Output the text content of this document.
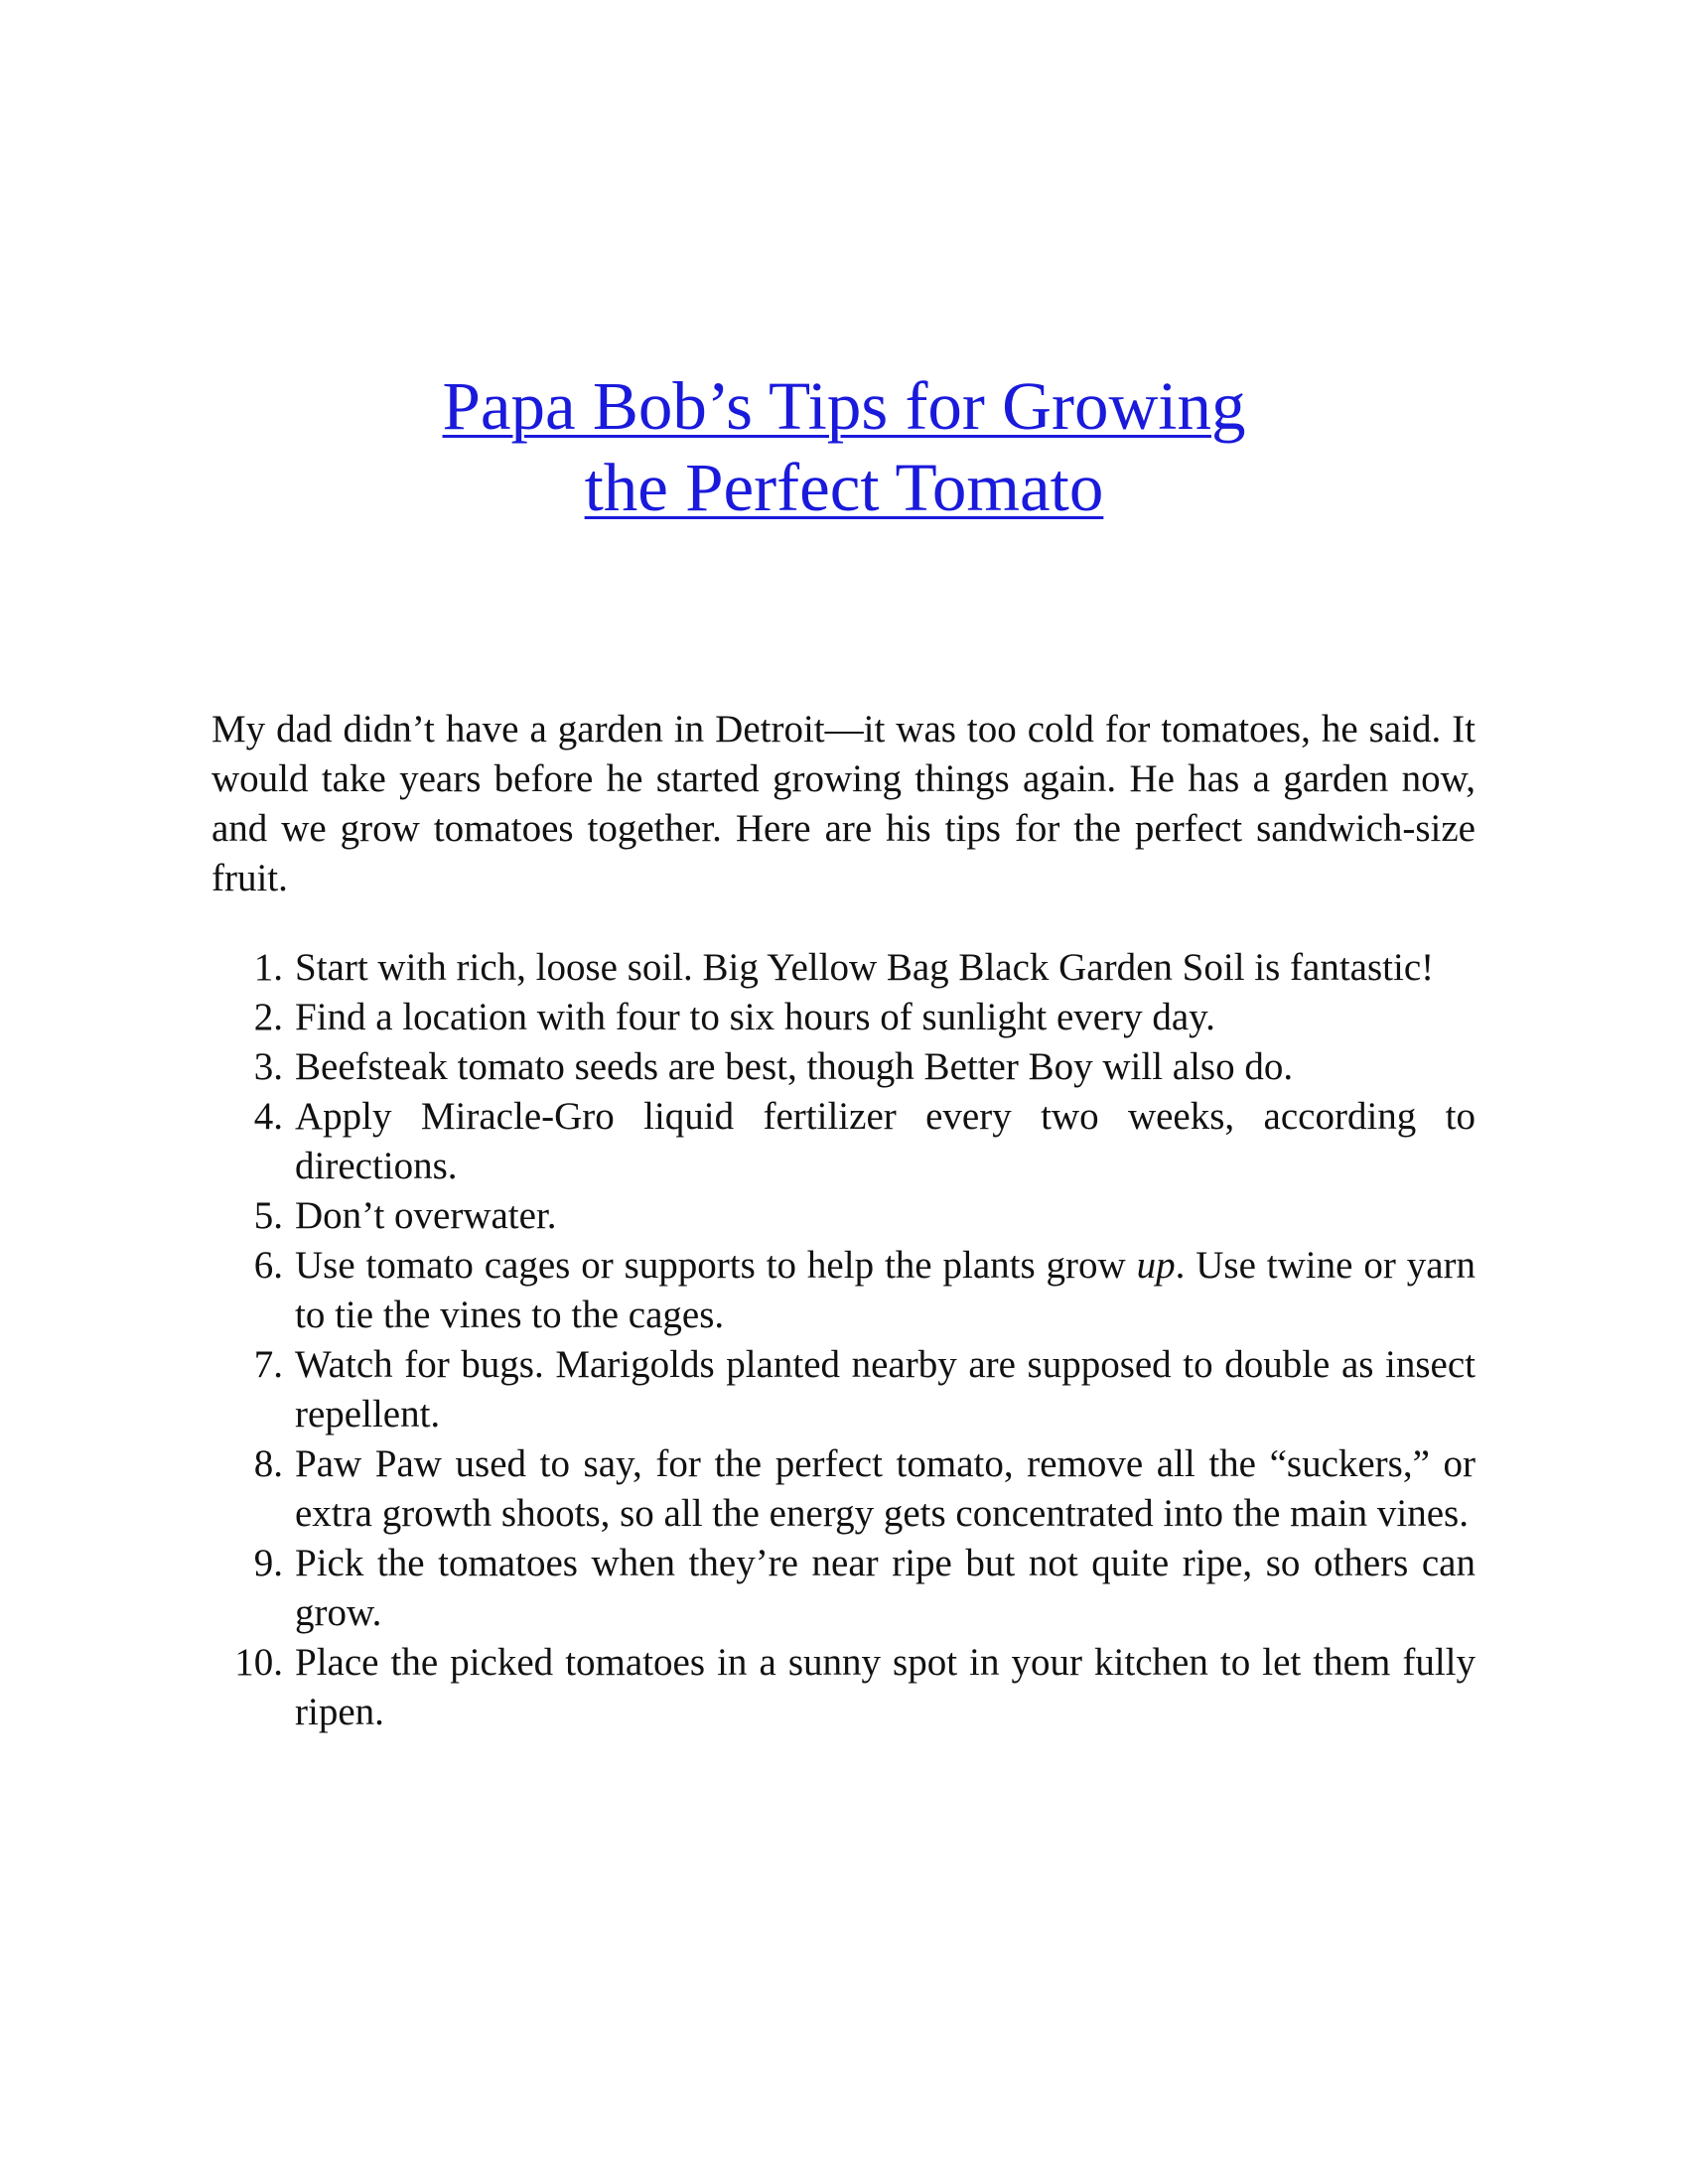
Papa Bob’s Tips for Growing
the Perfect Tomato

My dad didn’t have a garden in Detroit—it was too cold for tomatoes, he said. It would take years before he started growing things again. He has a garden now, and we grow tomatoes together. Here are his tips for the perfect sandwich-size fruit.

1. Start with rich, loose soil. Big Yellow Bag Black Garden Soil is fantastic!
2. Find a location with four to six hours of sunlight every day.
3. Beefsteak tomato seeds are best, though Better Boy will also do.
4. Apply Miracle-Gro liquid fertilizer every two weeks, according to directions.
5. Don’t overwater.
6. Use tomato cages or supports to help the plants grow up. Use twine or yarn to tie the vines to the cages.
7. Watch for bugs. Marigolds planted nearby are supposed to double as insect repellent.
8. Paw Paw used to say, for the perfect tomato, remove all the “suckers,” or extra growth shoots, so all the energy gets concentrated into the main vines.
9. Pick the tomatoes when they’re near ripe but not quite ripe, so others can grow.
10. Place the picked tomatoes in a sunny spot in your kitchen to let them fully ripen.
